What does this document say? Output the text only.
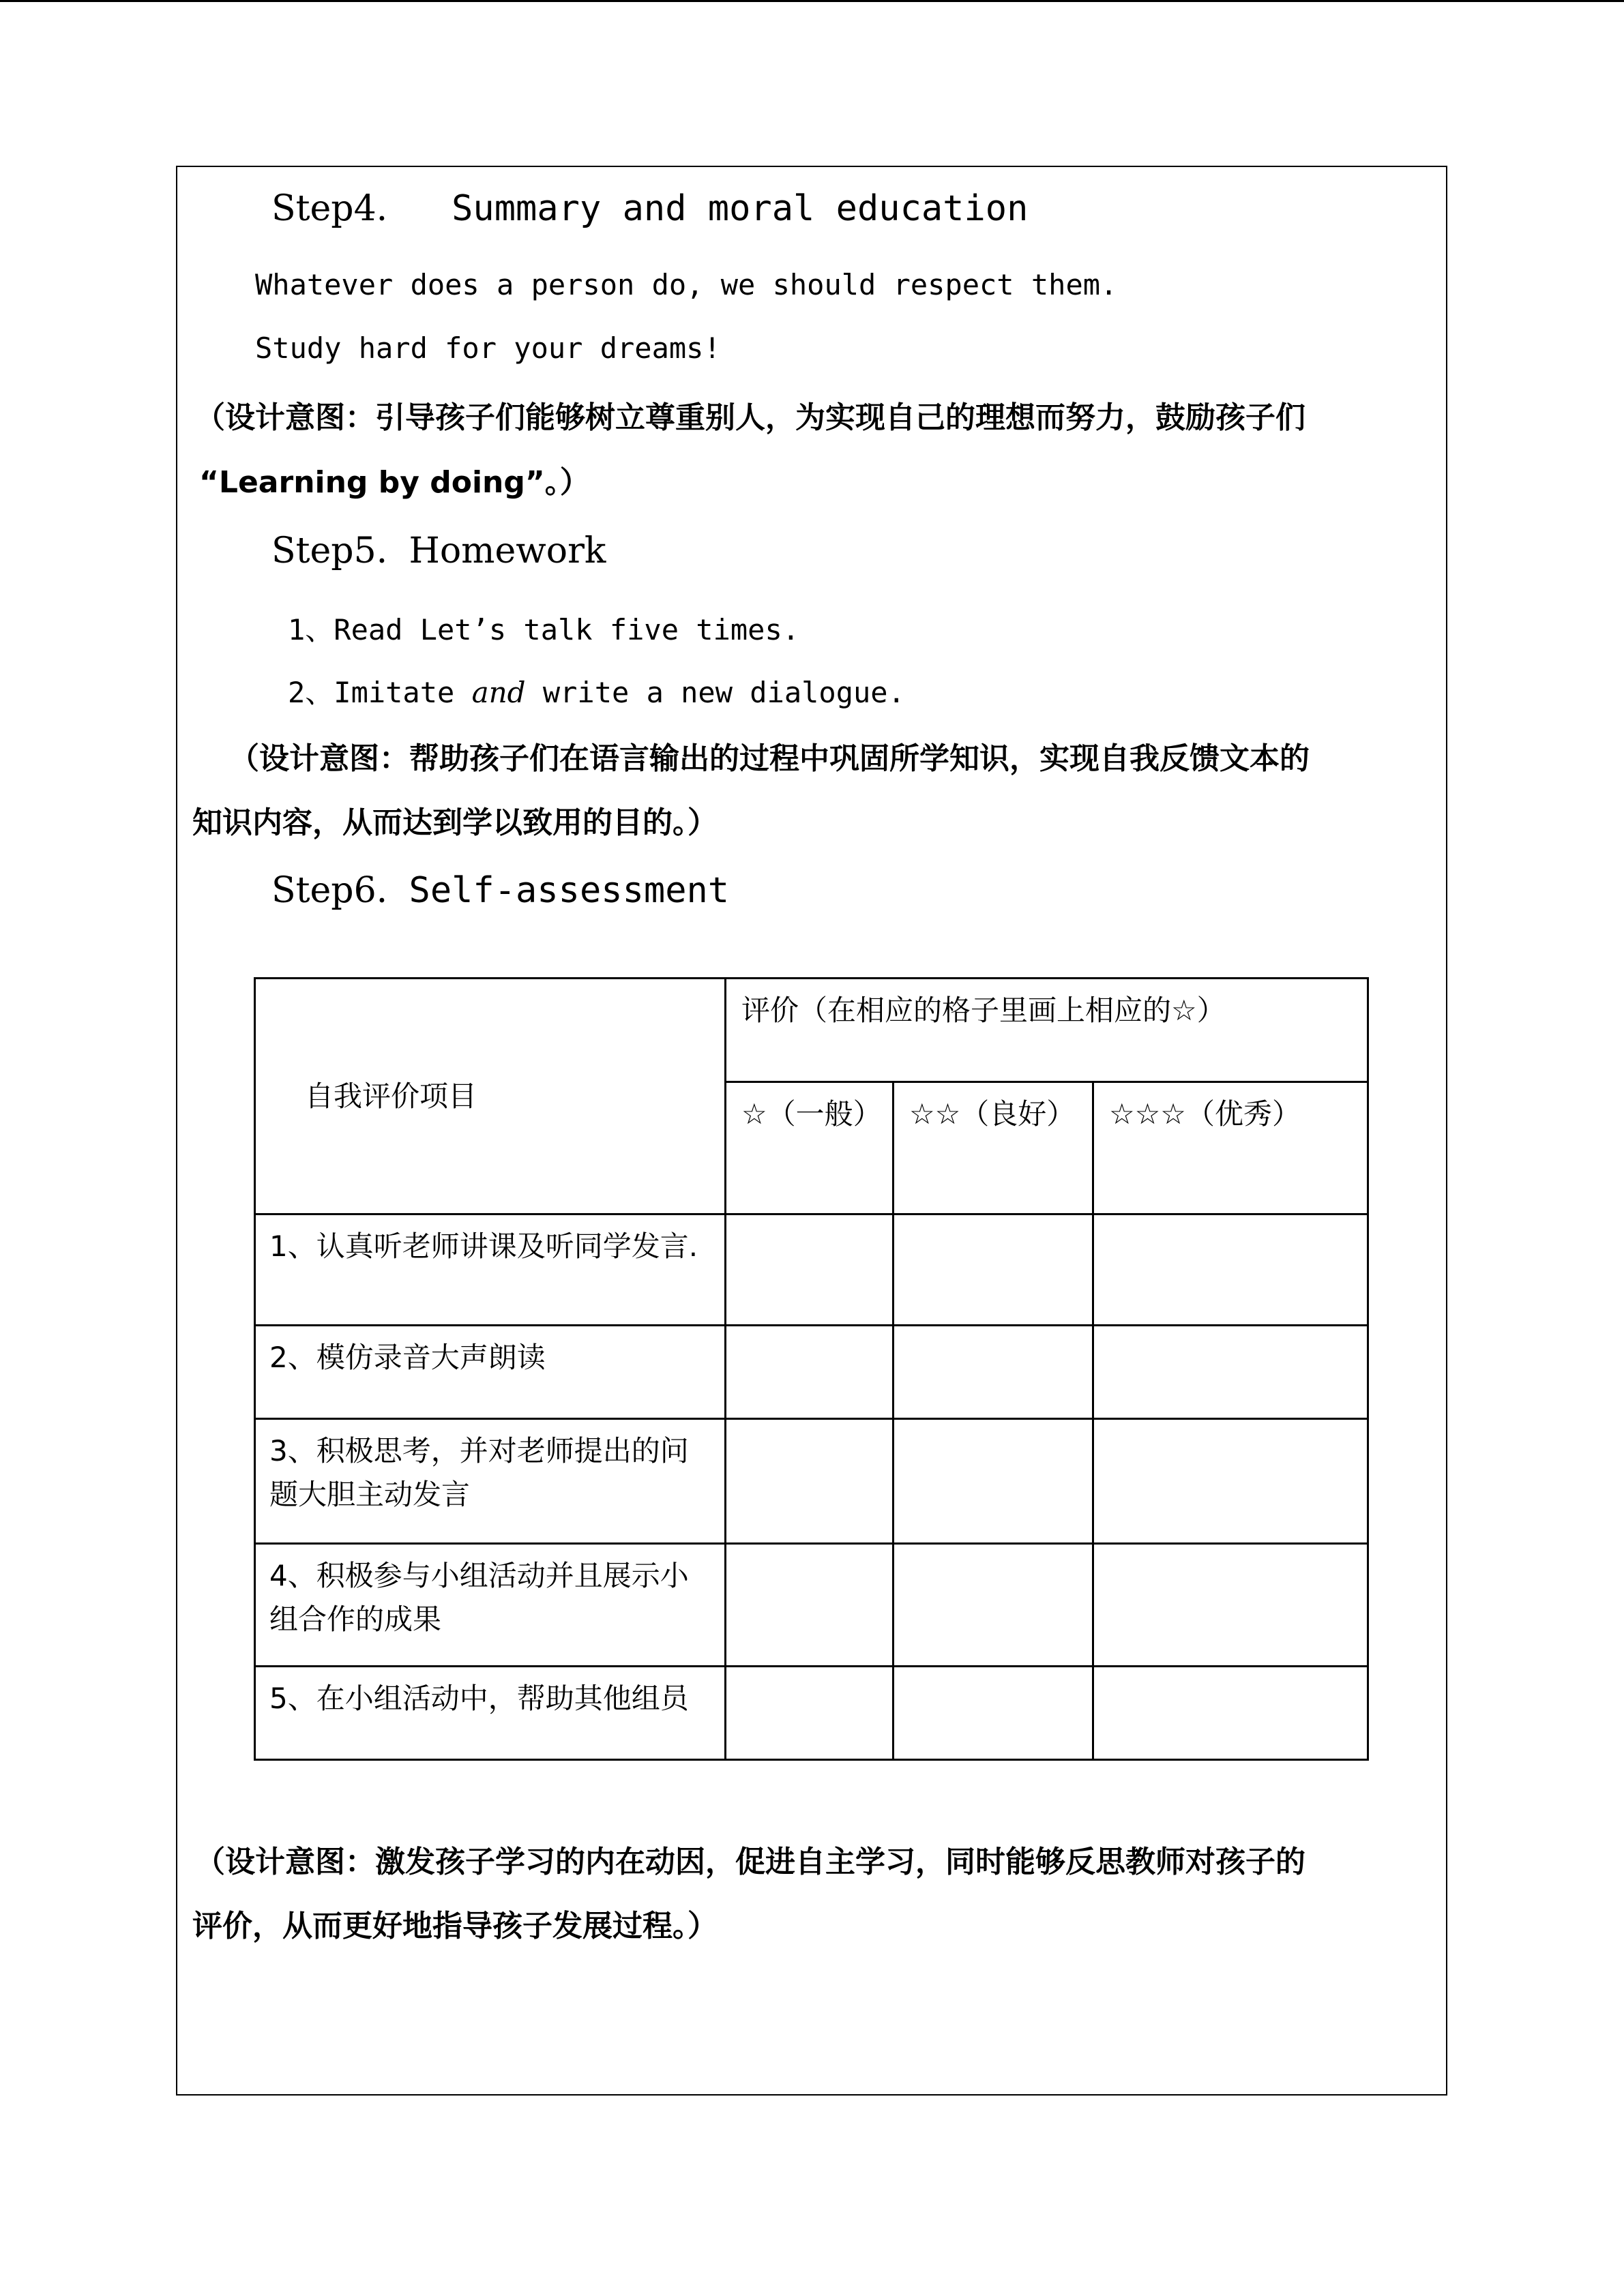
Step4. Summary and moral education
Whatever does a person do, we should respect them.
Study hard for your dreams!
（设计意图：引导孩子们能够树立尊重别人，为实现自己的理想而努力，鼓励孩子们
“Learning by doing”。）
Step5. Homework
1、Read Let’s talk five times.
2、Imitate and write a new dialogue.
（设计意图：帮助孩子们在语言输出的过程中巩固所学知识，实现自我反馈文本的
知识内容，从而达到学以致用的目的。）
Step6. Self-assessment
自我评价项目	评价（在相应的格子里画上相应的☆）		
	☆（一般）	☆☆（良好）	☆☆☆（优秀）
1、认真听老师讲课及听同学发言.			
2、模仿录音大声朗读			
3、积极思考，并对老师提出的问题大胆主动发言			
4、积极参与小组活动并且展示小组合作的成果			
5、在小组活动中，帮助其他组员			
（设计意图：激发孩子学习的内在动因，促进自主学习，同时能够反思教师对孩子的
评价，从而更好地指导孩子发展过程。）
